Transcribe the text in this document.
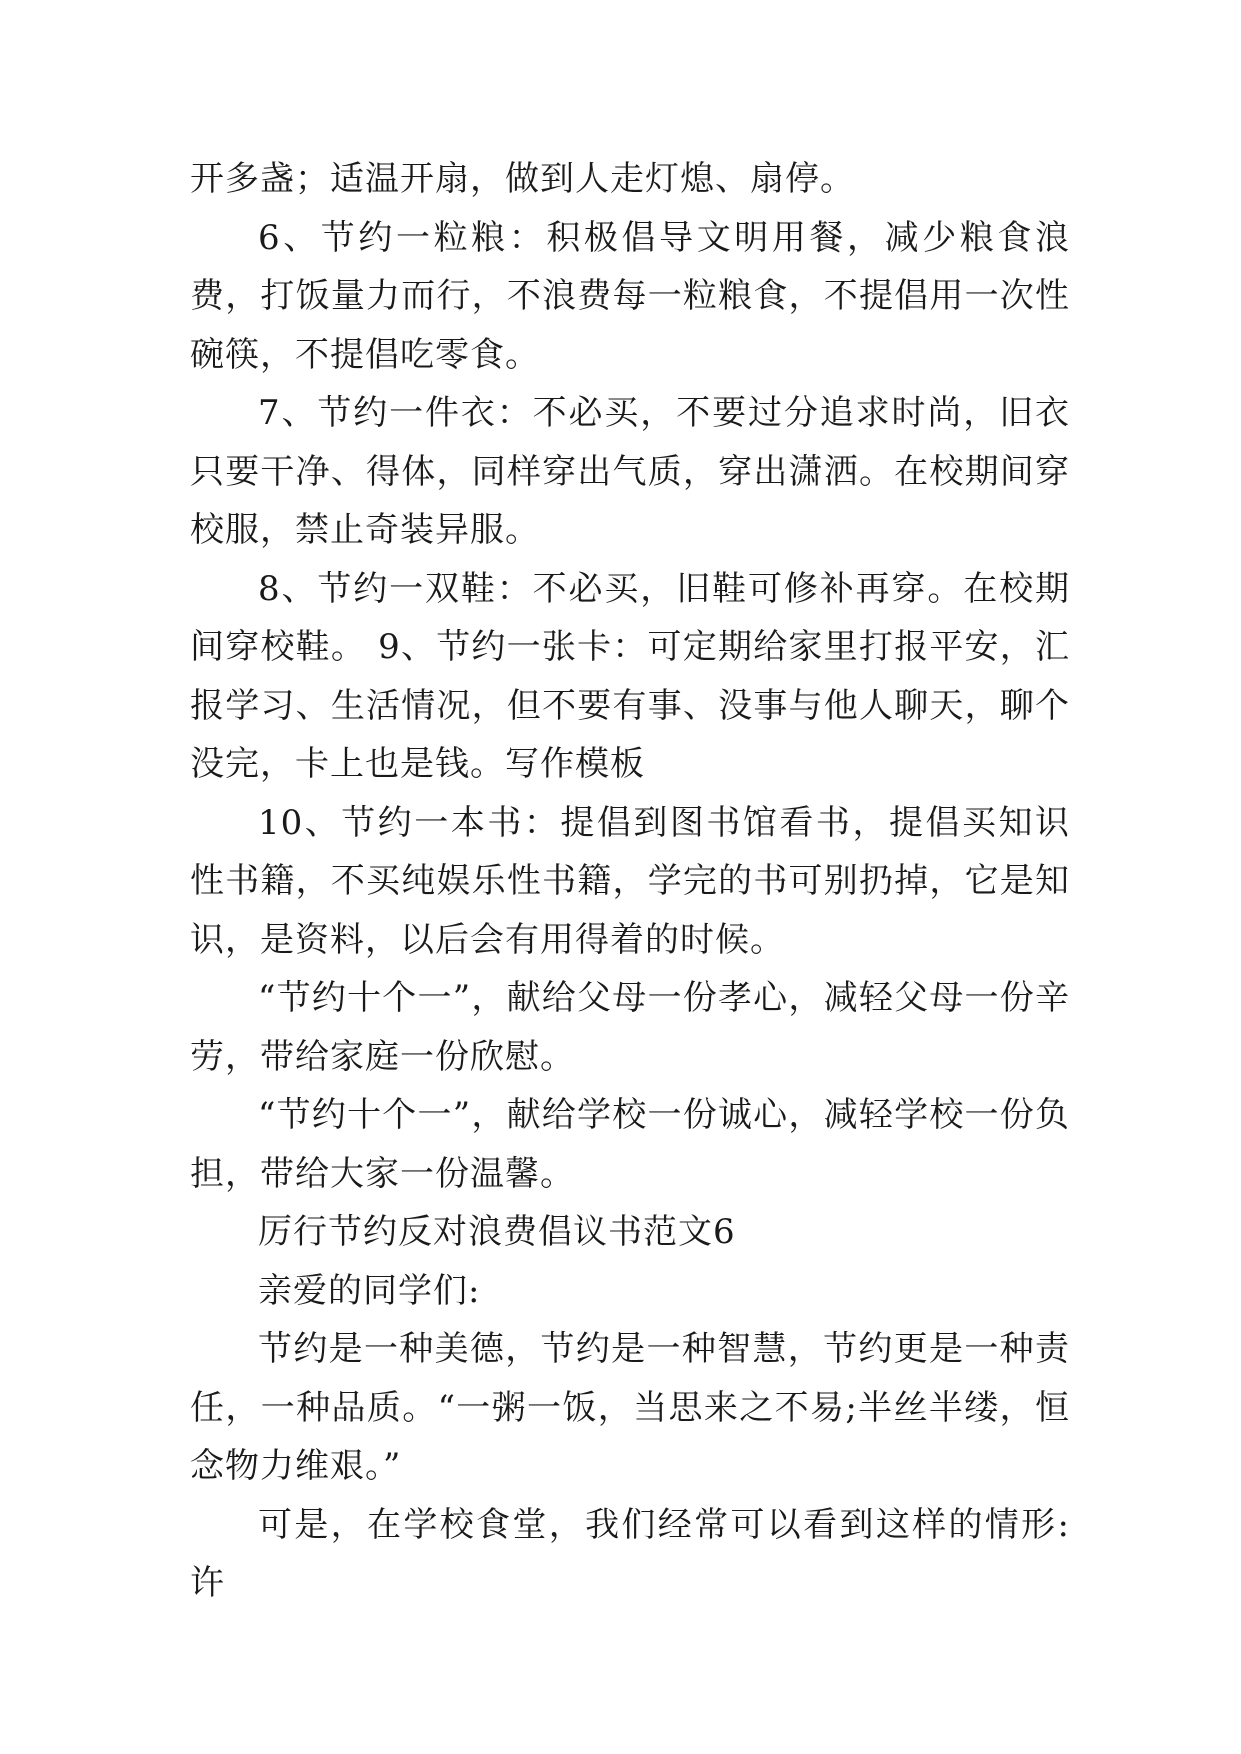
开多盏；适温开扇，做到人走灯熄、扇停。

6、节约一粒粮：积极倡导文明用餐，减少粮食浪费，打饭量力而行，不浪费每一粒粮食，不提倡用一次性碗筷，不提倡吃零食。

7、节约一件衣：不必买，不要过分追求时尚，旧衣只要干净、得体，同样穿出气质，穿出潇洒。在校期间穿校服，禁止奇装异服。

8、节约一双鞋：不必买，旧鞋可修补再穿。在校期间穿校鞋。 9、节约一张卡：可定期给家里打报平安，汇报学习、生活情况，但不要有事、没事与他人聊天，聊个没完，卡上也是钱。写作模板

10、节约一本书：提倡到图书馆看书，提倡买知识性书籍，不买纯娱乐性书籍，学完的书可别扔掉，它是知识，是资料，以后会有用得着的时候。

“节约十个一”，献给父母一份孝心，减轻父母一份辛劳，带给家庭一份欣慰。

“节约十个一”，献给学校一份诚心，减轻学校一份负担，带给大家一份温馨。

厉行节约反对浪费倡议书范文6

亲爱的同学们:

节约是一种美德，节约是一种智慧，节约更是一种责任，一种品质。“一粥一饭，当思来之不易;半丝半缕，恒念物力维艰。”

可是，在学校食堂，我们经常可以看到这样的情形:许
